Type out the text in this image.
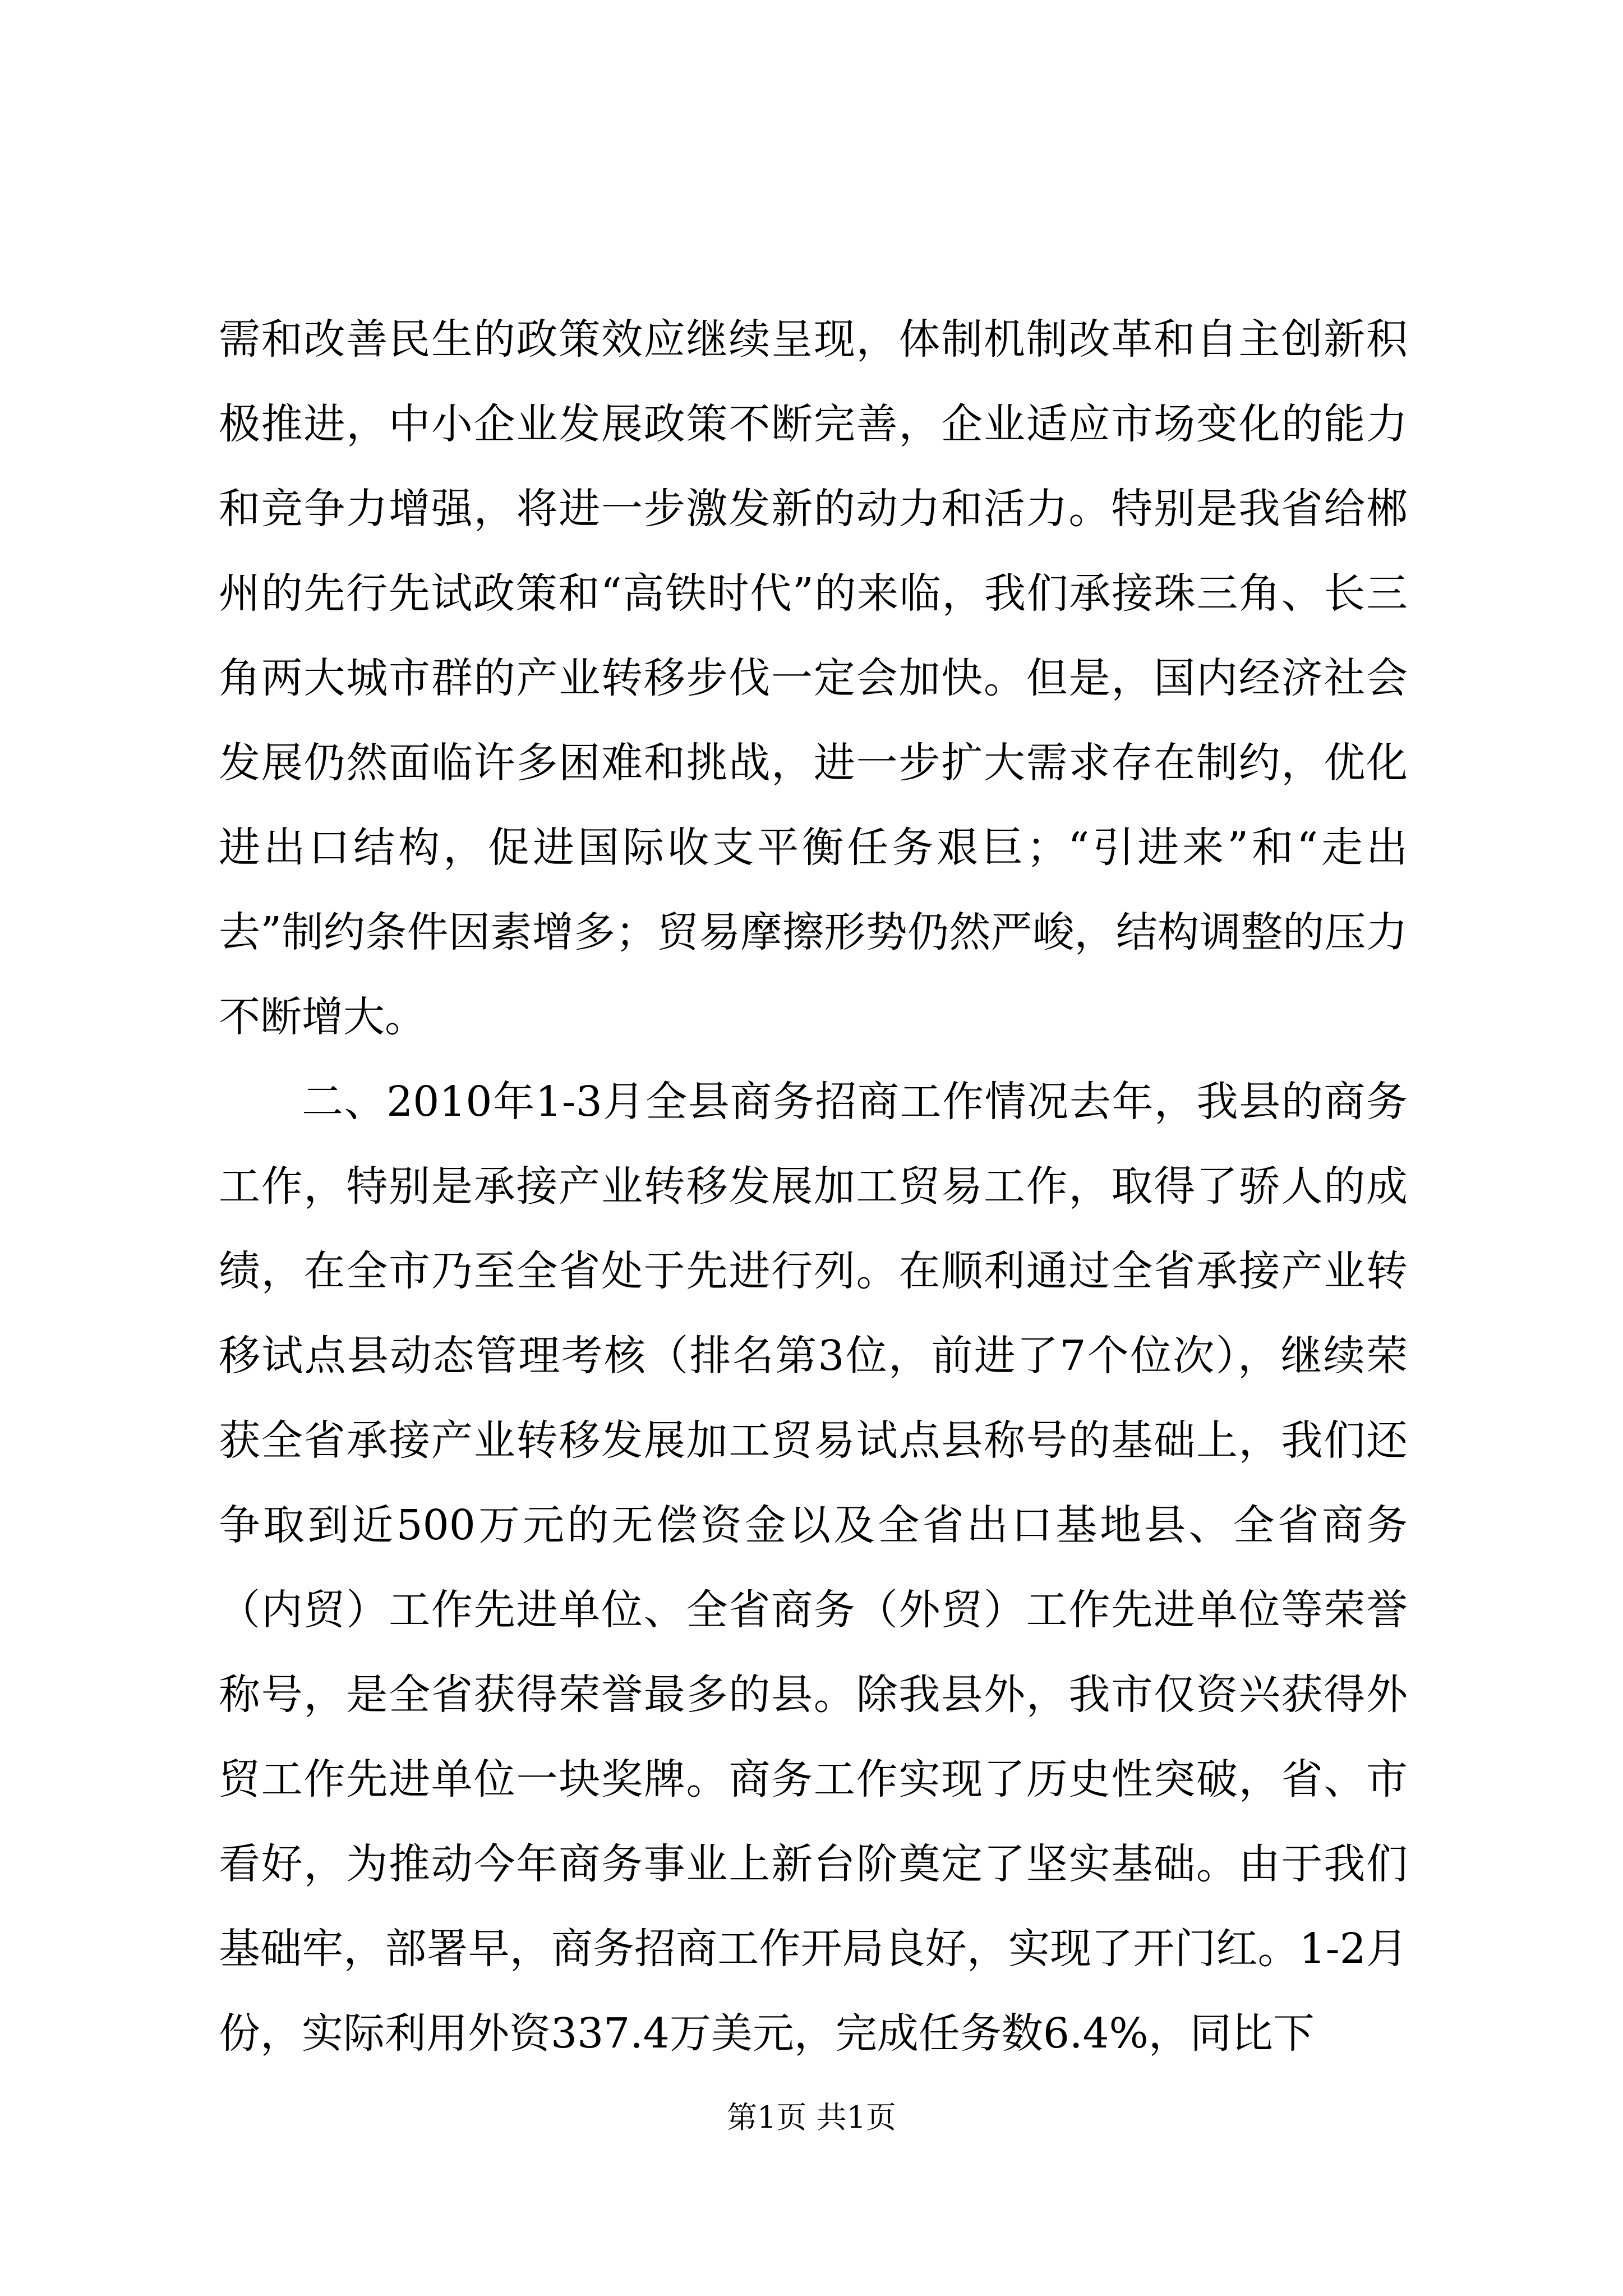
需和改善民生的政策效应继续呈现，体制机制改革和自主创新积极推进，中小企业发展政策不断完善，企业适应市场变化的能力和竞争力增强，将进一步激发新的动力和活力。特别是我省给郴州的先行先试政策和“高铁时代”的来临，我们承接珠三角、长三角两大城市群的产业转移步伐一定会加快。但是，国内经济社会发展仍然面临许多困难和挑战，进一步扩大需求存在制约，优化进出口结构，促进国际收支平衡任务艰巨；“引进来”和“走出去”制约条件因素增多；贸易摩擦形势仍然严峻，结构调整的压力不断增大。

二、2010年1-3月全县商务招商工作情况去年，我县的商务工作，特别是承接产业转移发展加工贸易工作，取得了骄人的成绩，在全市乃至全省处于先进行列。在顺利通过全省承接产业转移试点县动态管理考核（排名第3位，前进了7个位次），继续荣获全省承接产业转移发展加工贸易试点县称号的基础上，我们还争取到近500万元的无偿资金以及全省出口基地县、全省商务（内贸）工作先进单位、全省商务（外贸）工作先进单位等荣誉称号，是全省获得荣誉最多的县。除我县外，我市仅资兴获得外贸工作先进单位一块奖牌。商务工作实现了历史性突破，省、市看好，为推动今年商务事业上新台阶奠定了坚实基础。由于我们基础牢，部署早，商务招商工作开局良好，实现了开门红。1-2月份，实际利用外资337.4万美元，完成任务数6.4%，同比下

第1页 共1页
